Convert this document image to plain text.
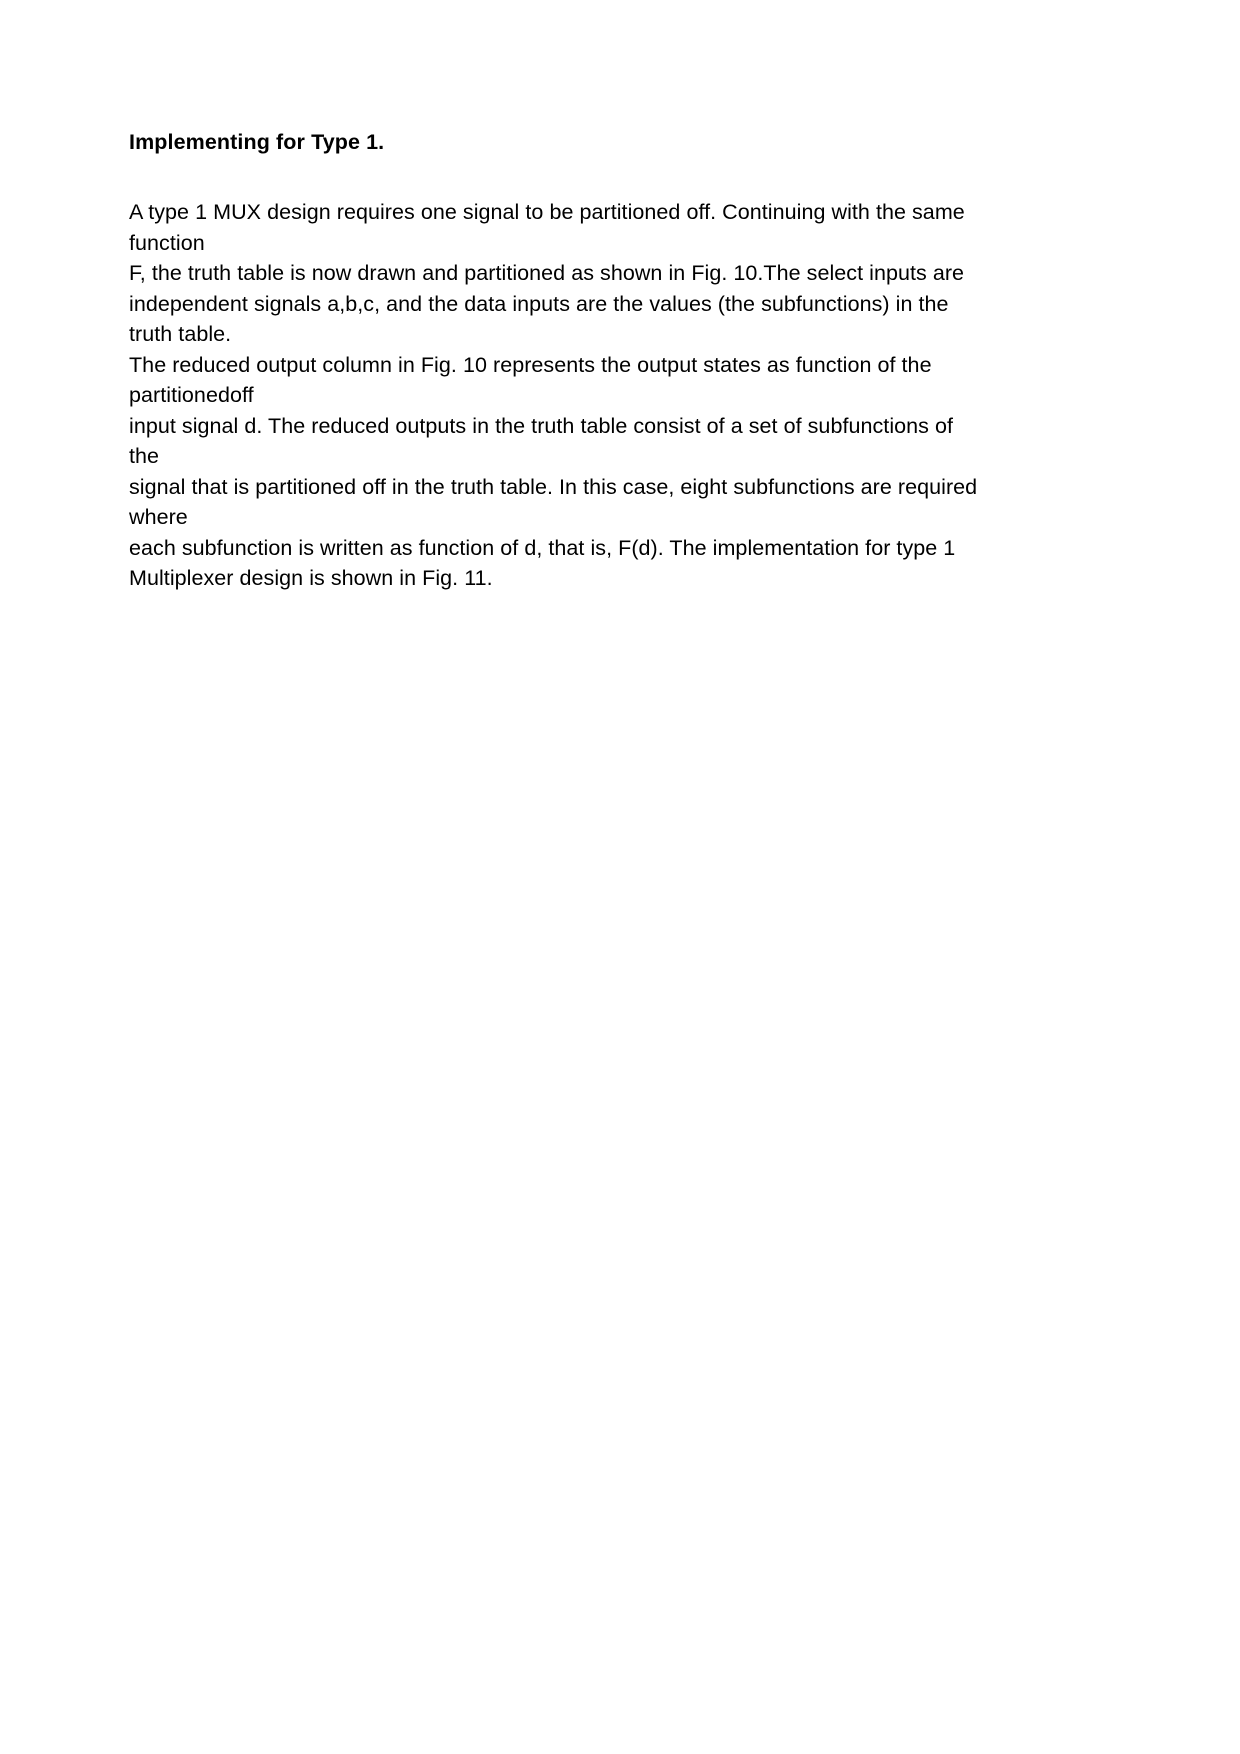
Implementing for Type 1.
A type 1 MUX design requires one signal to be partitioned off. Continuing with the same function
F, the truth table is now drawn and partitioned as shown in Fig. 10.The select inputs are
independent signals a,b,c, and the data inputs are the values (the subfunctions) in the truth table.
The reduced output column in Fig. 10 represents the output states as function of the partitionedoff
input signal d. The reduced outputs in the truth table consist of a set of subfunctions of the
signal that is partitioned off in the truth table. In this case, eight subfunctions are required where
each subfunction is written as function of d, that is, F(d). The implementation for type 1
Multiplexer design is shown in Fig. 11.
